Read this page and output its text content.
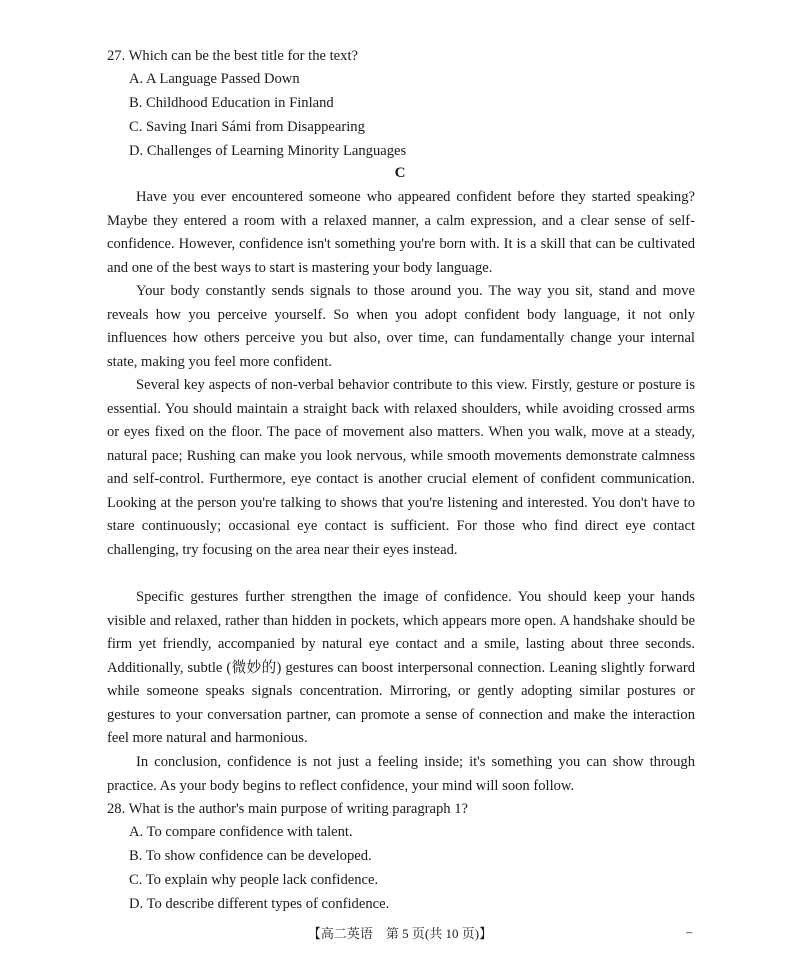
27. Which can be the best title for the text?
A. A Language Passed Down
B. Childhood Education in Finland
C. Saving Inari Sámi from Disappearing
D. Challenges of Learning Minority Languages
C

Have you ever encountered someone who appeared confident before they started speaking? Maybe they entered a room with a relaxed manner, a calm expression, and a clear sense of self-confidence. However, confidence isn't something you're born with. It is a skill that can be cultivated and one of the best ways to start is mastering your body language.

Your body constantly sends signals to those around you. The way you sit, stand and move reveals how you perceive yourself. So when you adopt confident body language, it not only influences how others perceive you but also, over time, can fundamentally change your internal state, making you feel more confident.

Several key aspects of non-verbal behavior contribute to this view. Firstly, gesture or posture is essential. You should maintain a straight back with relaxed shoulders, while avoiding crossed arms or eyes fixed on the floor. The pace of movement also matters. When you walk, move at a steady, natural pace; Rushing can make you look nervous, while smooth movements demonstrate calmness and self-control. Furthermore, eye contact is another crucial element of confident communication. Looking at the person you're talking to shows that you're listening and interested. You don't have to stare continuously; occasional eye contact is sufficient. For those who find direct eye contact challenging, try focusing on the area near their eyes instead.

Specific gestures further strengthen the image of confidence. You should keep your hands visible and relaxed, rather than hidden in pockets, which appears more open. A handshake should be firm yet friendly, accompanied by natural eye contact and a smile, lasting about three seconds. Additionally, subtle (微妙的) gestures can boost interpersonal connection. Leaning slightly forward while someone speaks signals concentration. Mirroring, or gently adopting similar postures or gestures to your conversation partner, can promote a sense of connection and make the interaction feel more natural and harmonious.

In conclusion, confidence is not just a feeling inside; it's something you can show through practice. As your body begins to reflect confidence, your mind will soon follow.

28. What is the author's main purpose of writing paragraph 1?
A. To compare confidence with talent.
B. To show confidence can be developed.
C. To explain why people lack confidence.
D. To describe different types of confidence.
【高二英语　第 5 页(共 10 页)】	–
